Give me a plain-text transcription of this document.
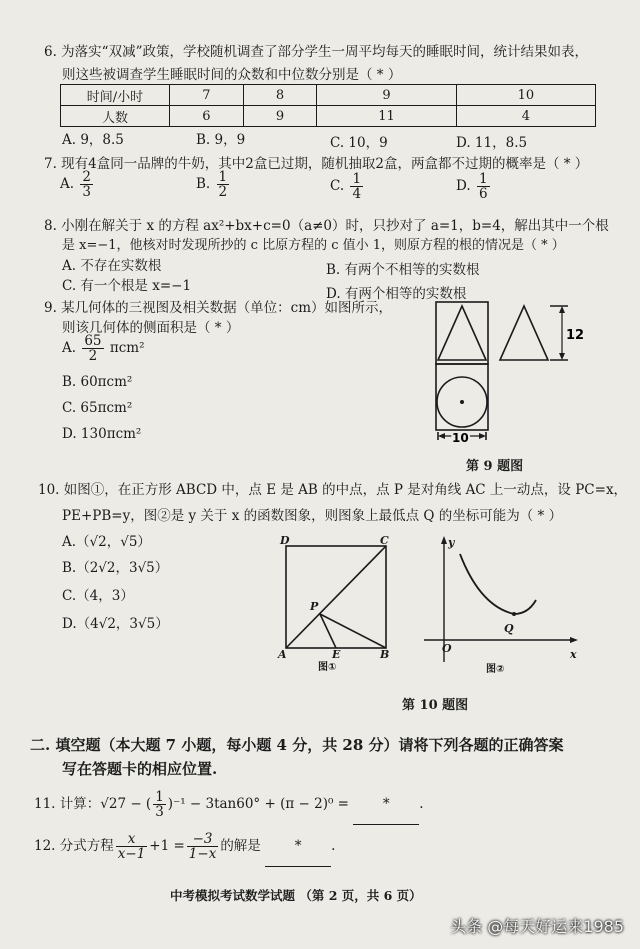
6. 为落实“双减”政策，学校随机调查了部分学生一周平均每天的睡眠时间，统计结果如表，
则这些被调查学生睡眠时间的众数和中位数分别是（ * ）
时间/小时	7	8	9	10
人数	6	9	11	4
A. 9，8.5	B. 9，9	C. 10，9	D. 11，8.5
7. 现有4盒同一品牌的牛奶，其中2盒已过期，随机抽取2盒，两盒都不过期的概率是（ * ）
A. $\frac{2}{3}$	B. $\frac{1}{2}$	C. $\frac{1}{4}$	D. $\frac{1}{6}$
8. 小刚在解关于 x 的方程 ax²+bx+c=0（a≠0）时，只抄对了 a=1，b=4，解出其中一个根
是 x=−1，他核对时发现所抄的 c 比原方程的 c 值小 1，则原方程的根的情况是（ * ）
A. 不存在实数根	B. 有两个不相等的实数根
C. 有一个根是 x=−1	D. 有两个相等的实数根
9. 某几何体的三视图及相关数据（单位：cm）如图所示，
则该几何体的侧面积是（ * ）
A. $\frac{65}{2} \pi cm^2$
B. 60πcm²
C. 65πcm²
D. 130πcm²
12
10
第 9 题图
10. 如图①，在正方形 ABCD 中，点 E 是 AB 的中点，点 P 是对角线 AC 上一动点，设 PC=x，
PE+PB=y，图②是 y 关于 x 的函数图象，则图象上最低点 Q 的坐标可能为（ * ）
A.（√2，√5）
B.（2√2，3√5）
C.（4，3）
D.（4√2，3√5）
D	C
A	B
E
P
图①
y
x
O
Q
图②
第 10 题图
二. 填空题（本大题 7 小题，每小题 4 分，共 28 分）请将下列各题的正确答案
写在答题卡的相应位置.
11. 计算：√27 − ( $\frac{1}{3} )^{-1} - 3\tan 60^\circ + (\pi - 2)^0$ =	* .
12. 分式方程 $\frac{x}{x-1} +1 = \frac{-3}{1-x}$ 的解是	* .
中考模拟考试数学试题 （第 2 页，共 6 页）
头条 @每天好运来1985
